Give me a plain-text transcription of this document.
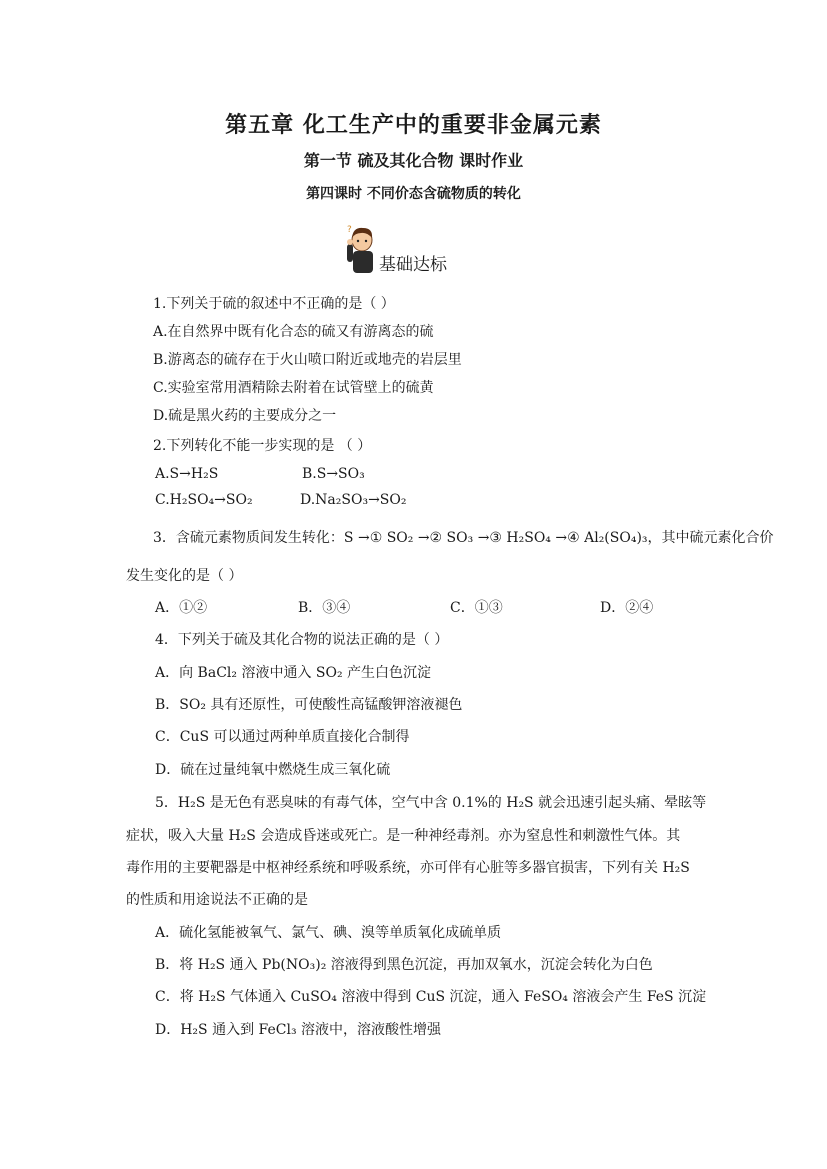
第五章 化工生产中的重要非金属元素
第一节 硫及其化合物 课时作业
第四课时 不同价态含硫物质的转化
?
基础达标
1.下列关于硫的叙述中不正确的是（ ）
A.在自然界中既有化合态的硫又有游离态的硫
B.游离态的硫存在于火山喷口附近或地壳的岩层里
C.实验室常用酒精除去附着在试管壁上的硫黄
D.硫是黑火药的主要成分之一
2.下列转化不能一步实现的是 （ ）
A.S→H₂S	B.S→SO₃
C.H₂SO₄→SO₂	D.Na₂SO₃→SO₂
3．含硫元素物质间发生转化：S →① SO₂ →② SO₃ →③ H₂SO₄ →④ Al₂(SO₄)₃，其中硫元素化合价
发生变化的是（ ）
A．①②	B．③④	C．①③	D．②④
4．下列关于硫及其化合物的说法正确的是（ ）
A．向 BaCl₂ 溶液中通入 SO₂ 产生白色沉淀
B．SO₂ 具有还原性，可使酸性高锰酸钾溶液褪色
C．CuS 可以通过两种单质直接化合制得
D．硫在过量纯氧中燃烧生成三氧化硫
5．H₂S 是无色有恶臭味的有毒气体，空气中含 0.1%的 H₂S 就会迅速引起头痛、晕眩等
症状，吸入大量 H₂S 会造成昏迷或死亡。是一种神经毒剂。亦为窒息性和刺激性气体。其
毒作用的主要靶器是中枢神经系统和呼吸系统，亦可伴有心脏等多器官损害，下列有关 H₂S
的性质和用途说法不正确的是
A．硫化氢能被氧气、氯气、碘、溴等单质氧化成硫单质
B．将 H₂S 通入 Pb(NO₃)₂ 溶液得到黑色沉淀，再加双氧水，沉淀会转化为白色
C．将 H₂S 气体通入 CuSO₄ 溶液中得到 CuS 沉淀，通入 FeSO₄ 溶液会产生 FeS 沉淀
D．H₂S 通入到 FeCl₃ 溶液中，溶液酸性增强
